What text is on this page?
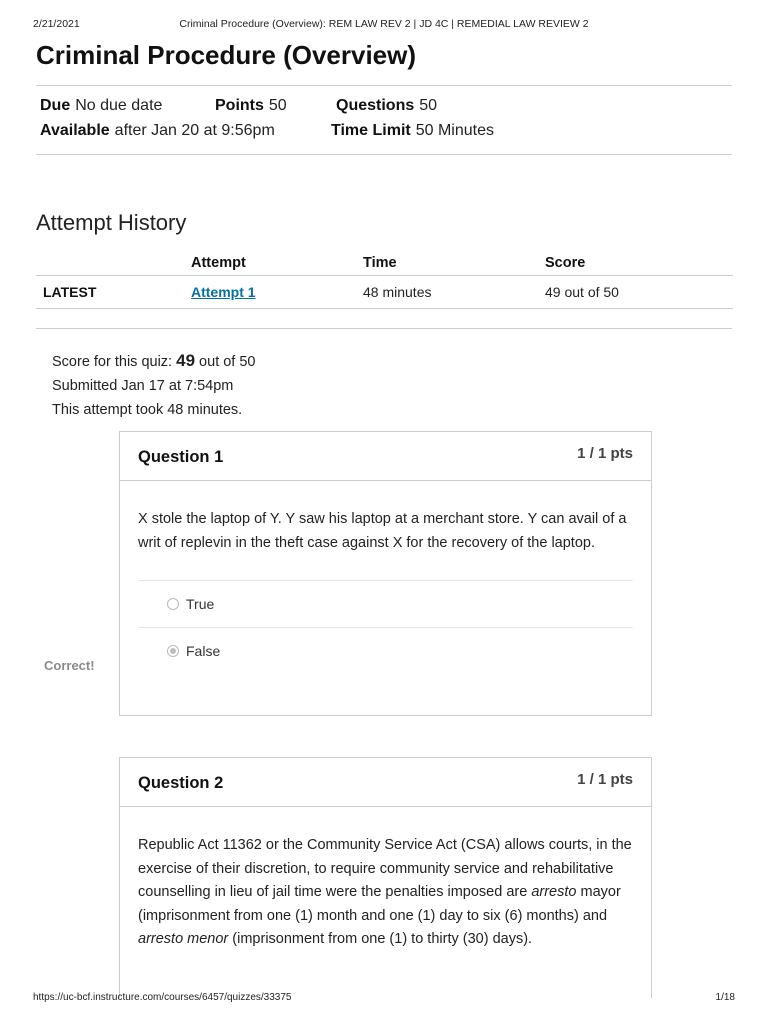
2/21/2021	Criminal Procedure (Overview): REM LAW REV 2 | JD 4C | REMEDIAL LAW REVIEW 2
Criminal Procedure (Overview)
Due No due date	Points 50	Questions 50
Available after Jan 20 at 9:56pm	Time Limit 50 Minutes
Attempt History
	Attempt	Time	Score
LATEST	Attempt 1	48 minutes	49 out of 50
Score for this quiz: 49 out of 50
Submitted Jan 17 at 7:54pm
This attempt took 48 minutes.
Question 1	1 / 1 pts
X stole the laptop of Y. Y saw his laptop at a merchant store. Y can avail of a writ of replevin in the theft case against X for the recovery of the laptop.
True
False
Correct!
Question 2	1 / 1 pts
Republic Act 11362 or the Community Service Act (CSA) allows courts, in the exercise of their discretion, to require community service and rehabilitative counselling in lieu of jail time were the penalties imposed are arresto mayor (imprisonment from one (1) month and one (1) day to six (6) months) and arresto menor (imprisonment from one (1) to thirty (30) days).
https://uc-bcf.instructure.com/courses/6457/quizzes/33375	1/18
